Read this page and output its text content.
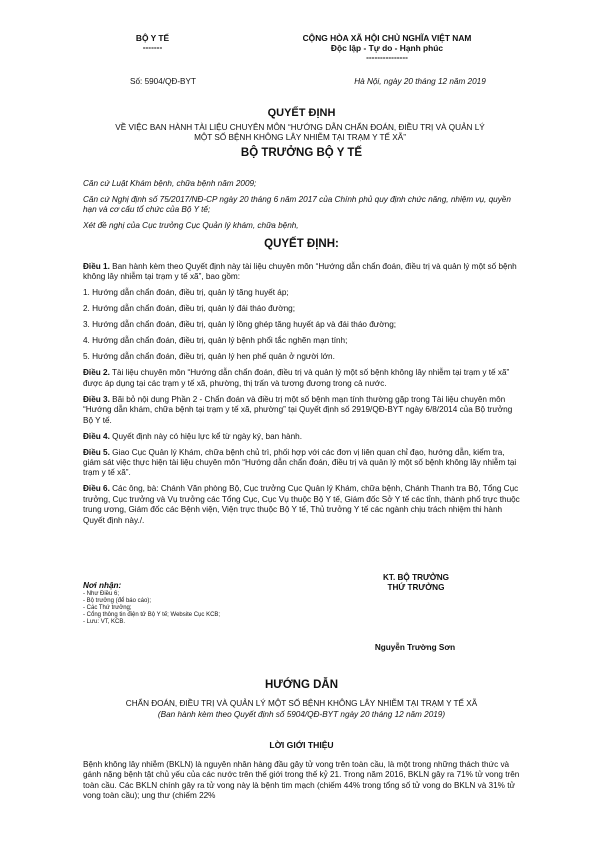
BỘ Y TẾ
-------
CỘNG HÒA XÃ HỘI CHỦ NGHĨA VIỆT NAM
Độc lập - Tự do - Hạnh phúc
---------------
Số: 5904/QĐ-BYT	Hà Nội, ngày 20 tháng 12 năm 2019
QUYẾT ĐỊNH
VỀ VIỆC BAN HÀNH TÀI LIỆU CHUYÊN MÔN “HƯỚNG DẪN CHẨN ĐOÁN, ĐIỀU TRỊ VÀ QUẢN LÝ
MỘT SỐ BỆNH KHÔNG LÂY NHIỄM TẠI TRẠM Y TẾ XÃ”
BỘ TRƯỞNG BỘ Y TẾ

Căn cứ Luật Khám bệnh, chữa bệnh năm 2009;

Căn cứ Nghị định số 75/2017/NĐ-CP ngày 20 tháng 6 năm 2017 của Chính phủ quy định chức năng, nhiệm vụ, quyền hạn và cơ cấu tổ chức của Bộ Y tế;

Xét đề nghị của Cục trưởng Cục Quản lý khám, chữa bệnh,

QUYẾT ĐỊNH:

Điều 1. Ban hành kèm theo Quyết định này tài liệu chuyên môn “Hướng dẫn chẩn đoán, điều trị và quản lý một số bệnh không lây nhiễm tại trạm y tế xã”, bao gồm:

1. Hướng dẫn chẩn đoán, điều trị, quản lý tăng huyết áp;

2. Hướng dẫn chẩn đoán, điều trị, quản lý đái tháo đường;

3. Hướng dẫn chẩn đoán, điều trị, quản lý lồng ghép tăng huyết áp và đái tháo đường;

4. Hướng dẫn chẩn đoán, điều trị, quản lý bệnh phổi tắc nghẽn mạn tính;

5. Hướng dẫn chẩn đoán, điều trị, quản lý hen phế quản ở người lớn.

Điều 2. Tài liệu chuyên môn “Hướng dẫn chẩn đoán, điều trị và quản lý một số bệnh không lây nhiễm tại trạm y tế xã” được áp dụng tại các trạm y tế xã, phường, thị trấn và tương đương trong cả nước.

Điều 3. Bãi bỏ nội dung Phần 2 - Chẩn đoán và điều trị một số bệnh mạn tính thường gặp trong Tài liệu chuyên môn “Hướng dẫn khám, chữa bệnh tại trạm y tế xã, phường” tại Quyết định số 2919/QĐ-BYT ngày 6/8/2014 của Bộ trưởng Bộ Y tế.

Điều 4. Quyết định này có hiệu lực kể từ ngày ký, ban hành.

Điều 5. Giao Cục Quản lý Khám, chữa bệnh chủ trì, phối hợp với các đơn vị liên quan chỉ đạo, hướng dẫn, kiểm tra, giám sát việc thực hiện tài liệu chuyên môn “Hướng dẫn chẩn đoán, điều trị và quản lý một số bệnh không lây nhiễm tại trạm y tế xã”.

Điều 6. Các ông, bà: Chánh Văn phòng Bộ, Cục trưởng Cục Quản lý Khám, chữa bệnh, Chánh Thanh tra Bộ, Tổng Cục trưởng, Cục trưởng và Vụ trưởng các Tổng Cục, Cục Vụ thuộc Bộ Y tế, Giám đốc Sở Y tế các tỉnh, thành phố trực thuộc trung ương, Giám đốc các Bệnh viện, Viện trực thuộc Bộ Y tế, Thủ trưởng Y tế các ngành chịu trách nhiệm thi hành Quyết định này./.

Nơi nhận:
- Như Điều 6;
- Bộ trưởng (để báo cáo);
- Các Thứ trưởng;
- Cổng thông tin điện tử Bộ Y tế; Website Cục KCB;
- Lưu: VT, KCB.
KT. BỘ TRƯỞNG
THỨ TRƯỞNG
Nguyễn Trường Sơn
HƯỚNG DẪN
CHẨN ĐOÁN, ĐIỀU TRỊ VÀ QUẢN LÝ MỘT SỐ BỆNH KHÔNG LÂY NHIỄM TẠI TRẠM Y TẾ XÃ
(Ban hành kèm theo Quyết định số 5904/QĐ-BYT ngày 20 tháng 12 năm 2019)
LỜI GIỚI THIỆU
Bệnh không lây nhiễm (BKLN) là nguyên nhân hàng đầu gây tử vong trên toàn cầu, là một trong những thách thức và gánh nặng bệnh tật chủ yếu của các nước trên thế giới trong thế kỷ 21. Trong năm 2016, BKLN gây ra 71% tử vong trên toàn cầu. Các BKLN chính gây ra tử vong này là bệnh tim mạch (chiếm 44% trong tổng số tử vong do BKLN và 31% tử vong toàn cầu); ung thư (chiếm 22%
